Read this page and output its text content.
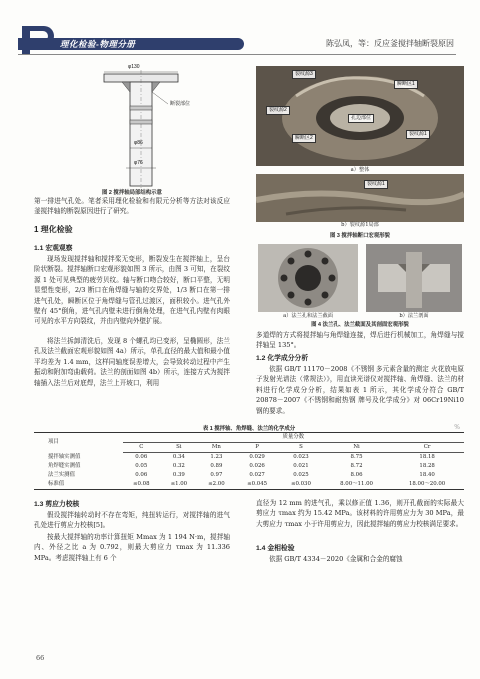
理化检验-物理分册	陈弘凤，等：反应釜搅拌轴断裂原因
φ130
断裂部位
φ86
φ76
图 2 搅拌轴局部结构示意
裂纹源3
瞬断区1
裂纹源2
孔边部位
瞬断区2
裂纹源1
a）整体
裂纹源1
b）裂纹源1局部
图 3 搅拌轴断口宏观形貌
a）法兰孔和法兰截面	b）法兰剖面
图 4 法兰孔、法兰截面及其剖面宏观形貌
第一排进气孔处。笔者采用理化检验和有限元分析等方法对该反应釜搅拌轴的断裂原因进行了研究。
1 理化检验
1.1 宏观观察
现场发现搅拌轴和搅拌桨无变形，断裂发生在搅拌轴上，呈台阶状断裂。搅拌轴断口宏观形貌如图 3 所示，由图 3 可知，在裂纹源 1 处可见典型的疲劳贝纹。轴与断口吻合较好，断口平整，无明显塑性变形，2/3 断口在角焊缝与轴的交界处，1/3 断口在第一排进气孔处，瞬断区位于角焊缝与管孔过渡区，面积较小。进气孔外壁有 45°倒角，进气孔内壁未进行倒角处理，在进气孔内壁有肉眼可见的水平方向裂纹，并由内壁向外壁扩展。
将法兰拆卸清洗后，发现 8 个螺孔均已变形，呈椭圆形，法兰孔及法兰截面宏观形貌如图 4a）所示，单孔直径的最大值和最小值平均差为 1.4 mm，这样同轴度误差增大，会导致转动过程中产生振动和附加弯曲载荷。法兰的剖面如图 4b）所示，连接方式为搅拌轴插入法兰后对底焊，法兰上开坡口，利用
多道焊的方式将搅拌轴与角焊缝连接，焊后进行机械加工，角焊缝与搅拌轴呈 135°。
1.2 化学成分分析
依据 GB/T 11170－2008《不锈钢 多元素含量的测定 火花放电原子发射光谱法（常规法）》，用直读光谱仪对搅拌轴、角焊缝、法兰的材料进行化学成分分析，结果如表 1 所示，其化学成分符合 GB/T 20878－2007《不锈钢和耐热钢 牌号及化学成分》对 06Cr19Ni10 钢的要求。
表 1 搅拌轴、角焊缝、法兰的化学成分	%
项目	质量分数						
	C	Si	Mn	P	S	Ni	Cr
搅拌轴实测值	0.06	0.34	1.23	0.029	0.023	8.75	18.18
角焊缝实测值	0.05	0.32	0.89	0.026	0.021	8.72	18.28
法兰实测值	0.06	0.39	0.97	0.027	0.025	8.06	18.40
标准值	≤0.08	≤1.00	≤2.00	≤0.045	≤0.030	8.00～11.00	18.00～20.00
1.3 剪应力校核
假设搅拌轴转动时不存在弯矩，纯扭转运行，对搅拌轴的进气孔处进行剪应力校核[5]。
按最大搅拌轴的功率计算扭矩 Mmax 为 1 194 N·m，搅拌轴内、外径之比 a 为 0.792，则最大剪应力 τmax 为 11.336 MPa。考虑搅拌轴上有 6 个
直径为 12 mm 的进气孔，乘以修正值 1.36，则开孔截面的实际最大剪应力 τmax 约为 15.42 MPa。该材料的许用剪应力为 30 MPa，最大剪应力 τmax 小于许用剪应力，因此搅拌轴的剪应力校核满足要求。
1.4 金相检验
依据 GB/T 4334－2020《金属和合金的腐蚀
66
